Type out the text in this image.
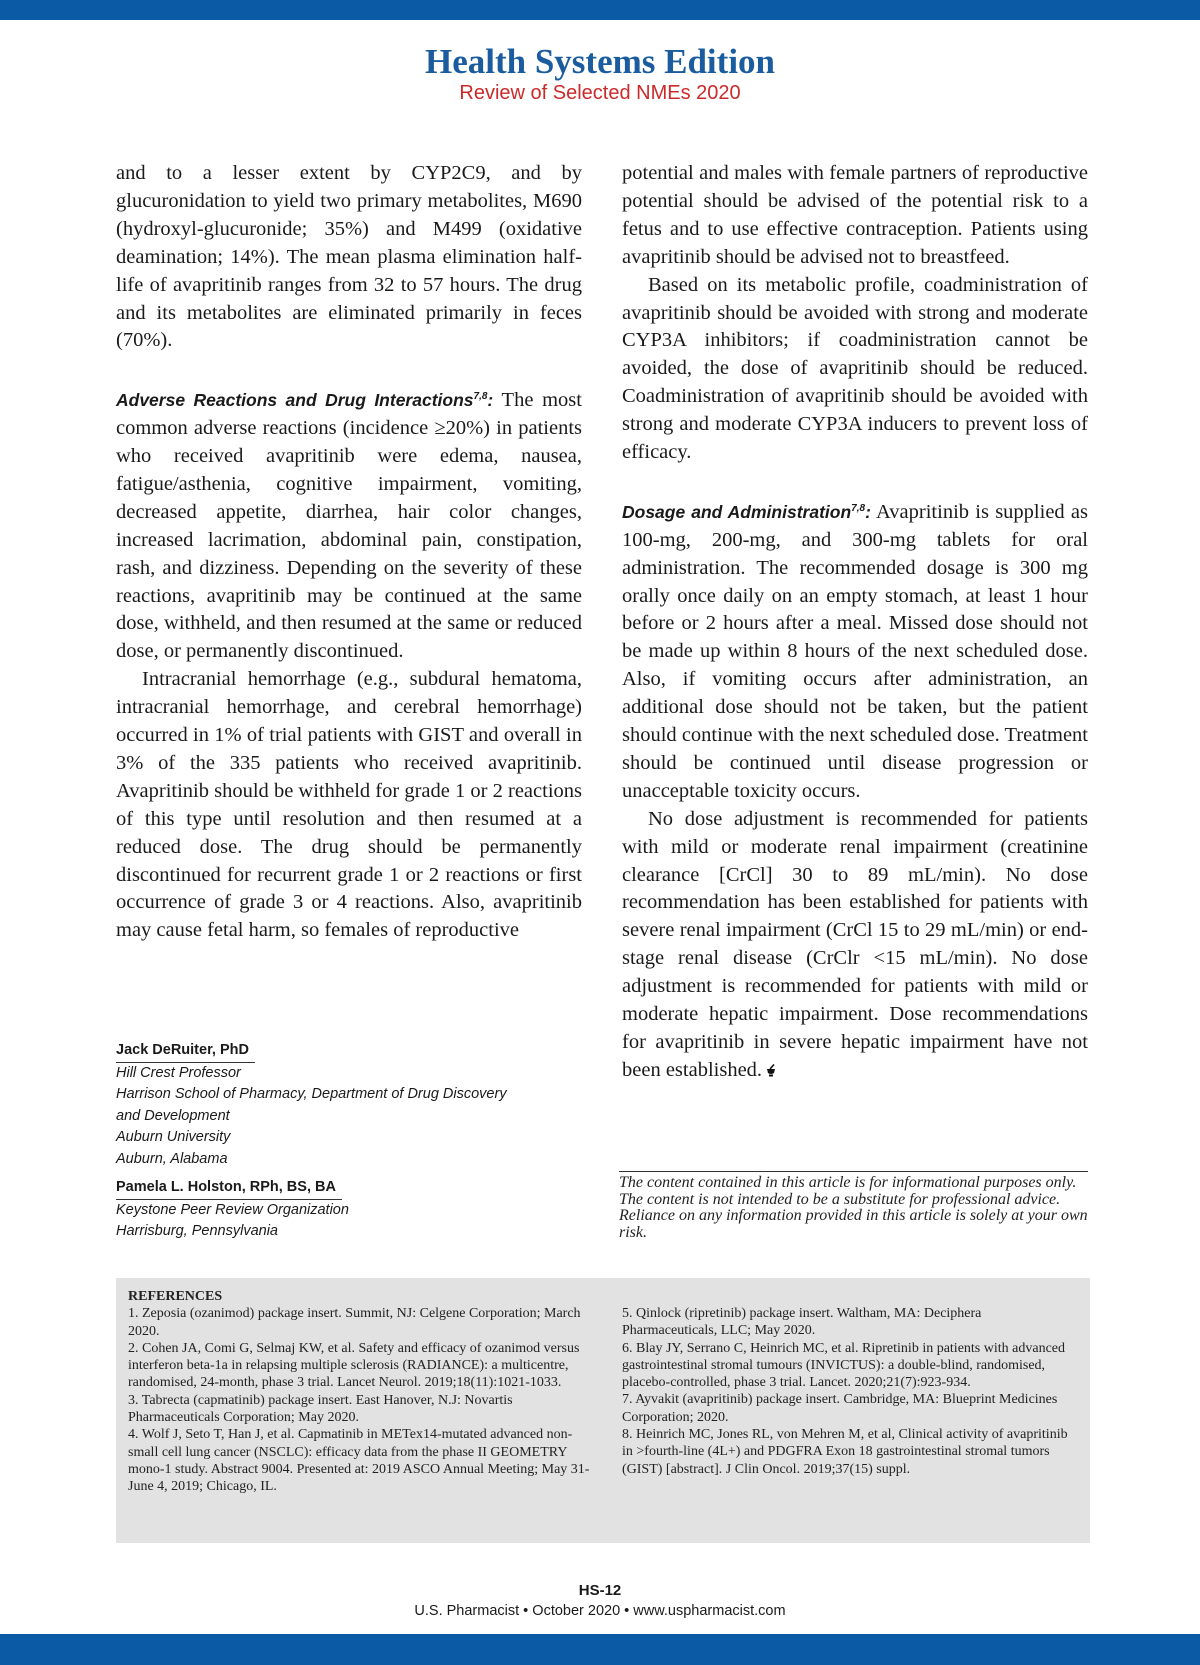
Health Systems Edition
Review of Selected NMEs 2020

and to a lesser extent by CYP2C9, and by glucuronidation to yield two primary metabolites, M690 (hydroxyl-glucuronide; 35%) and M499 (oxidative deamination; 14%). The mean plasma elimination half-life of avapritinib ranges from 32 to 57 hours. The drug and its metabolites are eliminated primarily in feces (70%).

Adverse Reactions and Drug Interactions$^{7,8}$: The most common adverse reactions (incidence ≥20%) in patients who received avapritinib were edema, nausea, fatigue/asthenia, cognitive impairment, vomiting, decreased appetite, diarrhea, hair color changes, increased lacrimation, abdominal pain, constipation, rash, and dizziness. Depending on the severity of these reactions, avapritinib may be continued at the same dose, withheld, and then resumed at the same or reduced dose, or permanently discontinued.

Intracranial hemorrhage (e.g., subdural hematoma, intracranial hemorrhage, and cerebral hemorrhage) occurred in 1% of trial patients with GIST and overall in 3% of the 335 patients who received avapritinib. Avapritinib should be withheld for grade 1 or 2 reactions of this type until resolution and then resumed at a reduced dose. The drug should be permanently discontinued for recurrent grade 1 or 2 reactions or first occurrence of grade 3 or 4 reactions. Also, avapritinib may cause fetal harm, so females of reproductive

potential and males with female partners of reproductive potential should be advised of the potential risk to a fetus and to use effective contraception. Patients using avapritinib should be advised not to breastfeed.

Based on its metabolic profile, coadministration of avapritinib should be avoided with strong and moderate CYP3A inhibitors; if coadministration cannot be avoided, the dose of avapritinib should be reduced. Coadministration of avapritinib should be avoided with strong and moderate CYP3A inducers to prevent loss of efficacy.

Dosage and Administration$^{7,8}$: Avapritinib is supplied as 100-mg, 200-mg, and 300-mg tablets for oral administration. The recommended dosage is 300 mg orally once daily on an empty stomach, at least 1 hour before or 2 hours after a meal. Missed dose should not be made up within 8 hours of the next scheduled dose. Also, if vomiting occurs after administration, an additional dose should not be taken, but the patient should continue with the next scheduled dose. Treatment should be continued until disease progression or unacceptable toxicity occurs.

No dose adjustment is recommended for patients with mild or moderate renal impairment (creatinine clearance [CrCl] 30 to 89 mL/min). No dose recommendation has been established for patients with severe renal impairment (CrCl 15 to 29 mL/min) or end-stage renal disease (CrClr <15 mL/min). No dose adjustment is recommended for patients with mild or moderate hepatic impairment. Dose recommendations for avapritinib in severe hepatic impairment have not been established.

Jack DeRuiter, PhD
Hill Crest Professor
Harrison School of Pharmacy, Department of Drug Discovery
and Development
Auburn University
Auburn, Alabama
Pamela L. Holston, RPh, BS, BA
Keystone Peer Review Organization
Harrisburg, Pennsylvania
The content contained in this article is for informational purposes only. The content is not intended to be a substitute for professional advice. Reliance on any information provided in this article is solely at your own risk.
REFERENCES

1. Zeposia (ozanimod) package insert. Summit, NJ: Celgene Corporation; March 2020.

2. Cohen JA, Comi G, Selmaj KW, et al. Safety and efficacy of ozanimod versus interferon beta-1a in relapsing multiple sclerosis (RADIANCE): a multicentre, randomised, 24-month, phase 3 trial. Lancet Neurol. 2019;18(11):1021-1033.

3. Tabrecta (capmatinib) package insert. East Hanover, N.J: Novartis Pharmaceuticals Corporation; May 2020.

4. Wolf J, Seto T, Han J, et al. Capmatinib in METex14-mutated advanced non-small cell lung cancer (NSCLC): efficacy data from the phase II GEOMETRY mono-1 study. Abstract 9004. Presented at: 2019 ASCO Annual Meeting; May 31-June 4, 2019; Chicago, IL.

5. Qinlock (ripretinib) package insert. Waltham, MA: Deciphera Pharmaceuticals, LLC; May 2020.

6. Blay JY, Serrano C, Heinrich MC, et al. Ripretinib in patients with advanced gastrointestinal stromal tumours (INVICTUS): a double-blind, randomised, placebo-controlled, phase 3 trial. Lancet. 2020;21(7):923-934.

7. Ayvakit (avapritinib) package insert. Cambridge, MA: Blueprint Medicines Corporation; 2020.

8. Heinrich MC, Jones RL, von Mehren M, et al, Clinical activity of avapritinib in >fourth-line (4L+) and PDGFRA Exon 18 gastrointestinal stromal tumors (GIST) [abstract]. J Clin Oncol. 2019;37(15) suppl.

HS-12
U.S. Pharmacist • October 2020 • www.uspharmacist.com
